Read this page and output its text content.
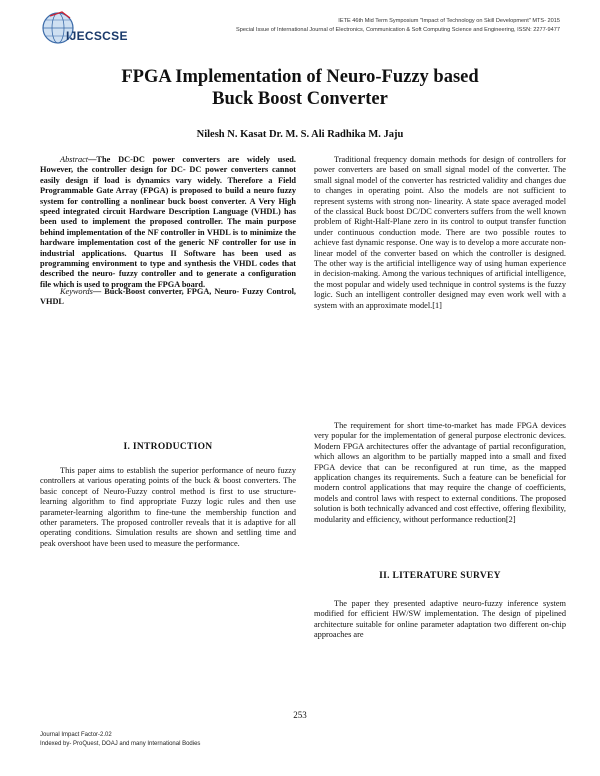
IJECSCSE
IETE 46th Mid Term Symposium "Impact of Technology on Skill Development" MTS- 2015
Special Issue of International Journal of Electronics, Communication & Soft Computing Science and Engineering, ISSN: 2277-9477
FPGA Implementation of Neuro-Fuzzy based
Buck Boost Converter
Nilesh N. Kasat Dr. M. S. Ali Radhika M. Jaju

Abstract—The DC-DC power converters are widely used. However, the controller design for DC- DC power converters cannot easily design if load is dynamics vary widely. Therefore a Field Programmable Gate Array (FPGA) is proposed to build a neuro fuzzy system for controlling a nonlinear buck boost converter. A Very High speed integrated circuit Hardware Description Language (VHDL) has been used to implement the proposed controller. The main purpose behind implementation of the NF controller in VHDL is to minimize the hardware implementation cost of the generic NF controller for use in industrial applications. Quartus II Software has been used as programming environment to type and synthesis the VHDL codes that described the neuro- fuzzy controller and to generate a configuration file which is used to program the FPGA board.

Keywords— Buck-Boost converter, FPGA, Neuro- Fuzzy Control, VHDL

I. INTRODUCTION

This paper aims to establish the superior performance of neuro fuzzy controllers at various operating points of the buck & boost converters. The basic concept of Neuro-Fuzzy control method is first to use structure-learning algorithm to find appropriate Fuzzy logic rules and then use parameter-learning algorithm to fine-tune the membership function and other parameters. The proposed controller reveals that it is adaptive for all operating conditions. Simulation results are shown and settling time and peak overshoot have been used to measure the performance.

Traditional frequency domain methods for design of controllers for power converters are based on small signal model of the converter. The small signal model of the converter has restricted validity and changes due to changes in operating point. Also the models are not sufficient to represent systems with strong non- linearity. A state space averaged model of the classical Buck boost DC/DC converters suffers from the well known problem of Right-Half-Plane zero in its control to output transfer function under continuous conduction mode. There are two possible routes to achieve fast dynamic response. One way is to develop a more accurate non-linear model of the converter based on which the controller is designed. The other way is the artificial intelligence way of using human experience in decision-making. Among the various techniques of artificial intelligence, the most popular and widely used technique in control systems is the fuzzy logic. Such an intelligent controller designed may even work well with a system with an approximate model.[1]

The requirement for short time-to-market has made FPGA devices very popular for the implementation of general purpose electronic devices. Modern FPGA architectures offer the advantage of partial reconfiguration, which allows an algorithm to be partially mapped into a small and fixed FPGA device that can be reconfigured at run time, as the mapped application changes its requirements. Such a feature can be beneficial for modern control applications that may require the change of coefficients, models and control laws with respect to external conditions. The proposed solution is both technically advanced and cost effective, offering flexibility, modularity and efficiency, without performance reduction[2]

II. LITERATURE SURVEY

The paper they presented adaptive neuro-fuzzy inference system modified for efficient HW/SW implementation. The design of pipelined architecture suitable for online parameter adaptation two different on-chip approaches are

253
Journal Impact Factor-2.02
Indexed by- ProQuest, DOAJ and many International Bodies
